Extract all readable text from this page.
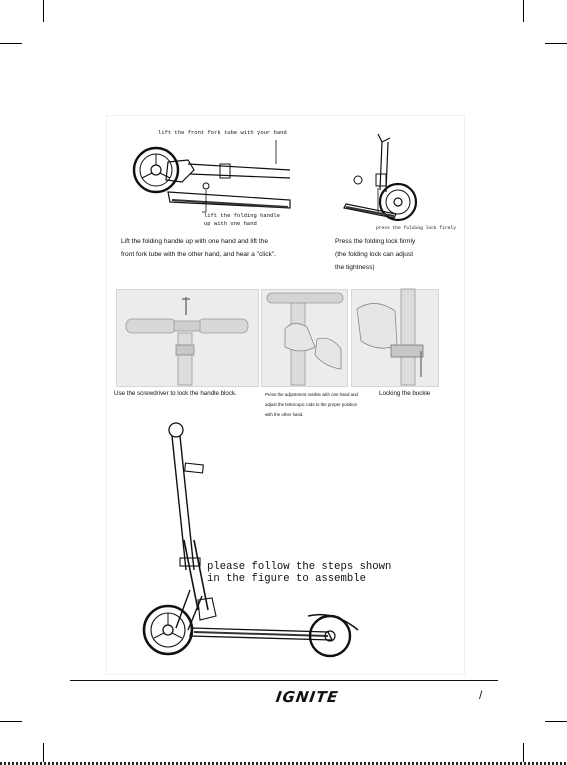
lift the front fork tube with your hand
lift the folding handle
up with one hand
Lift the folding handle up with one hand and lift the
front fork tube with the other hand, and hear a "click".
press the folding lock firmly
Press the folding lock firmly
(the folding lock can adjust
the tightness)
Use the screwdriver to lock the handle block.	Press the adjustment marble with one hand and
adjust the telescopic rods to the proper position
with the other hand.
Locking the buckle
please follow the steps shown
in the figure to assemble
IGNITE	/
